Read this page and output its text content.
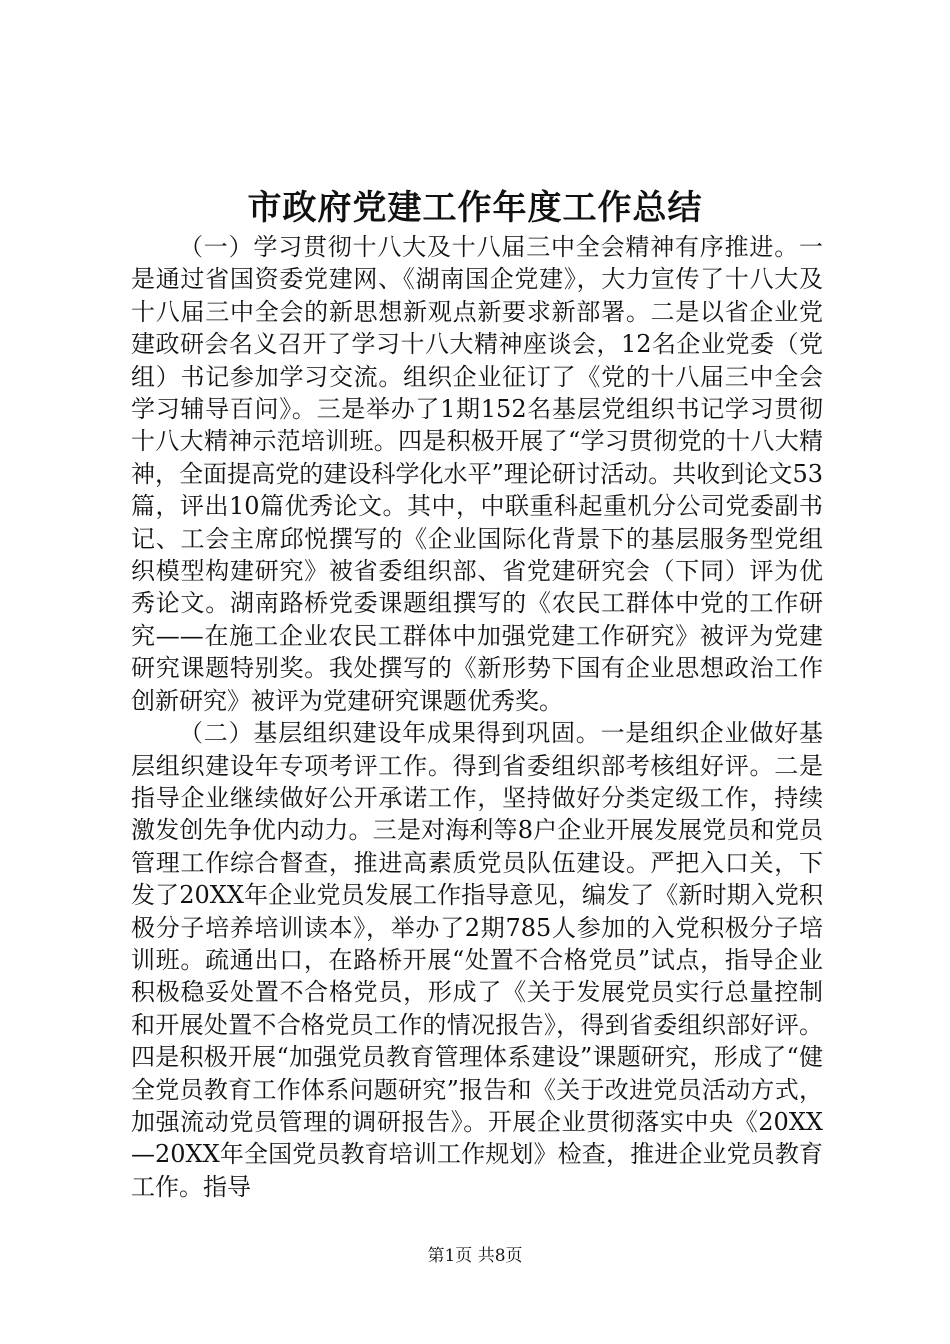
市政府党建工作年度工作总结

（一）学习贯彻十八大及十八届三中全会精神有序推进。一是通过省国资委党建网、《湖南国企党建》，大力宣传了十八大及十八届三中全会的新思想新观点新要求新部署。二是以省企业党建政研会名义召开了学习十八大精神座谈会，12名企业党委（党组）书记参加学习交流。组织企业征订了《党的十八届三中全会学习辅导百问》。三是举办了1期152名基层党组织书记学习贯彻十八大精神示范培训班。四是积极开展了“学习贯彻党的十八大精神，全面提高党的建设科学化水平”理论研讨活动。共收到论文53篇，评出10篇优秀论文。其中，中联重科起重机分公司党委副书记、工会主席邱悦撰写的《企业国际化背景下的基层服务型党组织模型构建研究》被省委组织部、省党建研究会（下同）评为优秀论文。湖南路桥党委课题组撰写的《农民工群体中党的工作研究——在施工企业农民工群体中加强党建工作研究》被评为党建研究课题特别奖。我处撰写的《新形势下国有企业思想政治工作创新研究》被评为党建研究课题优秀奖。

（二）基层组织建设年成果得到巩固。一是组织企业做好基层组织建设年专项考评工作。得到省委组织部考核组好评。二是指导企业继续做好公开承诺工作，坚持做好分类定级工作，持续激发创先争优内动力。三是对海利等8户企业开展发展党员和党员管理工作综合督查，推进高素质党员队伍建设。严把入口关，下发了20XX年企业党员发展工作指导意见，编发了《新时期入党积极分子培养培训读本》，举办了2期785人参加的入党积极分子培训班。疏通出口，在路桥开展“处置不合格党员”试点，指导企业积极稳妥处置不合格党员，形成了《关于发展党员实行总量控制和开展处置不合格党员工作的情况报告》，得到省委组织部好评。四是积极开展“加强党员教育管理体系建设”课题研究，形成了“健全党员教育工作体系问题研究”报告和《关于改进党员活动方式，加强流动党员管理的调研报告》。开展企业贯彻落实中央《20XX—20XX年全国党员教育培训工作规划》检查，推进企业党员教育工作。指导

第1页 共8页
